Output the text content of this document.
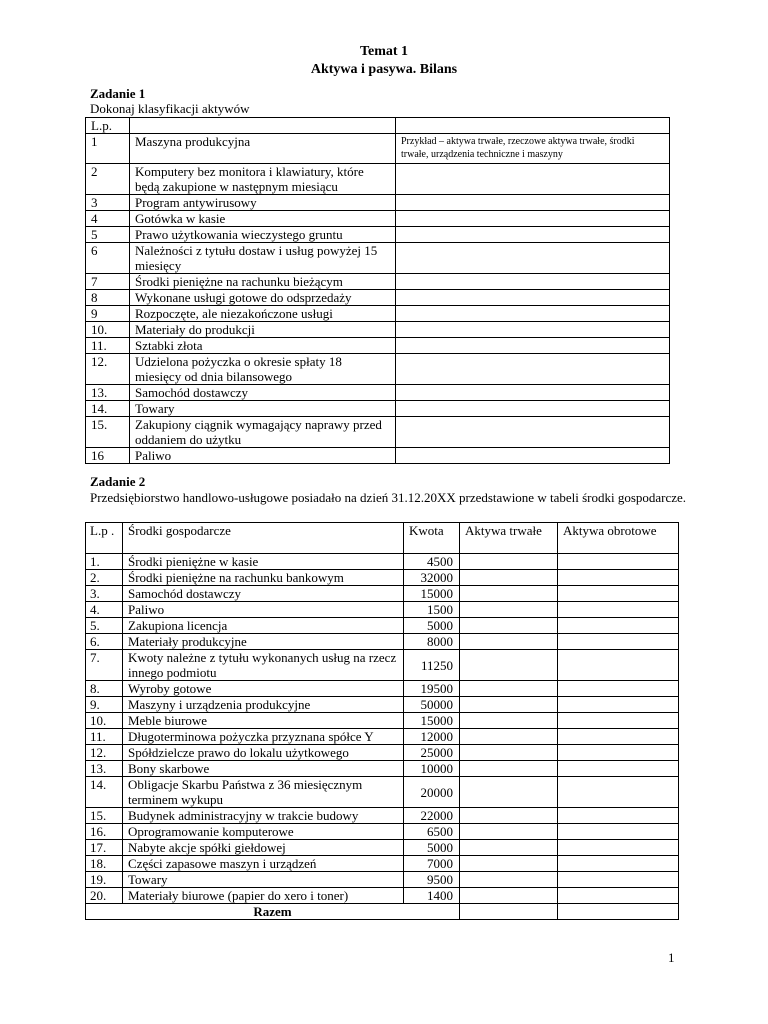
Temat 1
Aktywa i pasywa. Bilans
Zadanie 1
Dokonaj klasyfikacji aktywów
L.p.		
1	Maszyna produkcyjna	Przykład – aktywa trwałe, rzeczowe aktywa trwałe, środki trwałe, urządzenia techniczne i maszyny
2	Komputery bez monitora i klawiatury, które będą zakupione w następnym miesiącu	
3	Program antywirusowy	
4	Gotówka w kasie	
5	Prawo użytkowania wieczystego gruntu	
6	Należności z tytułu dostaw i usług powyżej 15 miesięcy	
7	Środki pieniężne na rachunku bieżącym	
8	Wykonane usługi gotowe do odsprzedaży	
9	Rozpoczęte, ale niezakończone usługi	
10.	Materiały do produkcji	
11.	Sztabki złota	
12.	Udzielona pożyczka o okresie spłaty 18 miesięcy od dnia bilansowego	
13.	Samochód dostawczy	
14.	Towary	
15.	Zakupiony ciągnik wymagający naprawy przed oddaniem do użytku	
16	Paliwo	
Zadanie 2
Przedsiębiorstwo handlowo-usługowe posiadało na dzień 31.12.20XX przedstawione w tabeli środki gospodarcze.
L.p .	Środki gospodarcze	Kwota	Aktywa trwałe	Aktywa obrotowe
1.	Środki pieniężne w kasie	4500		
2.	Środki pieniężne na rachunku bankowym	32000		
3.	Samochód dostawczy	15000		
4.	Paliwo	1500		
5.	Zakupiona licencja	5000		
6.	Materiały produkcyjne	8000		
7.	Kwoty należne z tytułu wykonanych usług na rzecz innego podmiotu	11250		
8.	Wyroby gotowe	19500		
9.	Maszyny i urządzenia produkcyjne	50000		
10.	Meble biurowe	15000		
11.	Długoterminowa pożyczka przyznana spółce Y	12000		
12.	Spółdzielcze prawo do lokalu użytkowego	25000		
13.	Bony skarbowe	10000		
14.	Obligacje Skarbu Państwa z 36 miesięcznym terminem wykupu	20000		
15.	Budynek administracyjny w trakcie budowy	22000		
16.	Oprogramowanie komputerowe	6500		
17.	Nabyte akcje spółki giełdowej	5000		
18.	Części zapasowe maszyn i urządzeń	7000		
19.	Towary	9500		
20.	Materiały biurowe (papier do xero i toner)	1400		
Razem				
1
